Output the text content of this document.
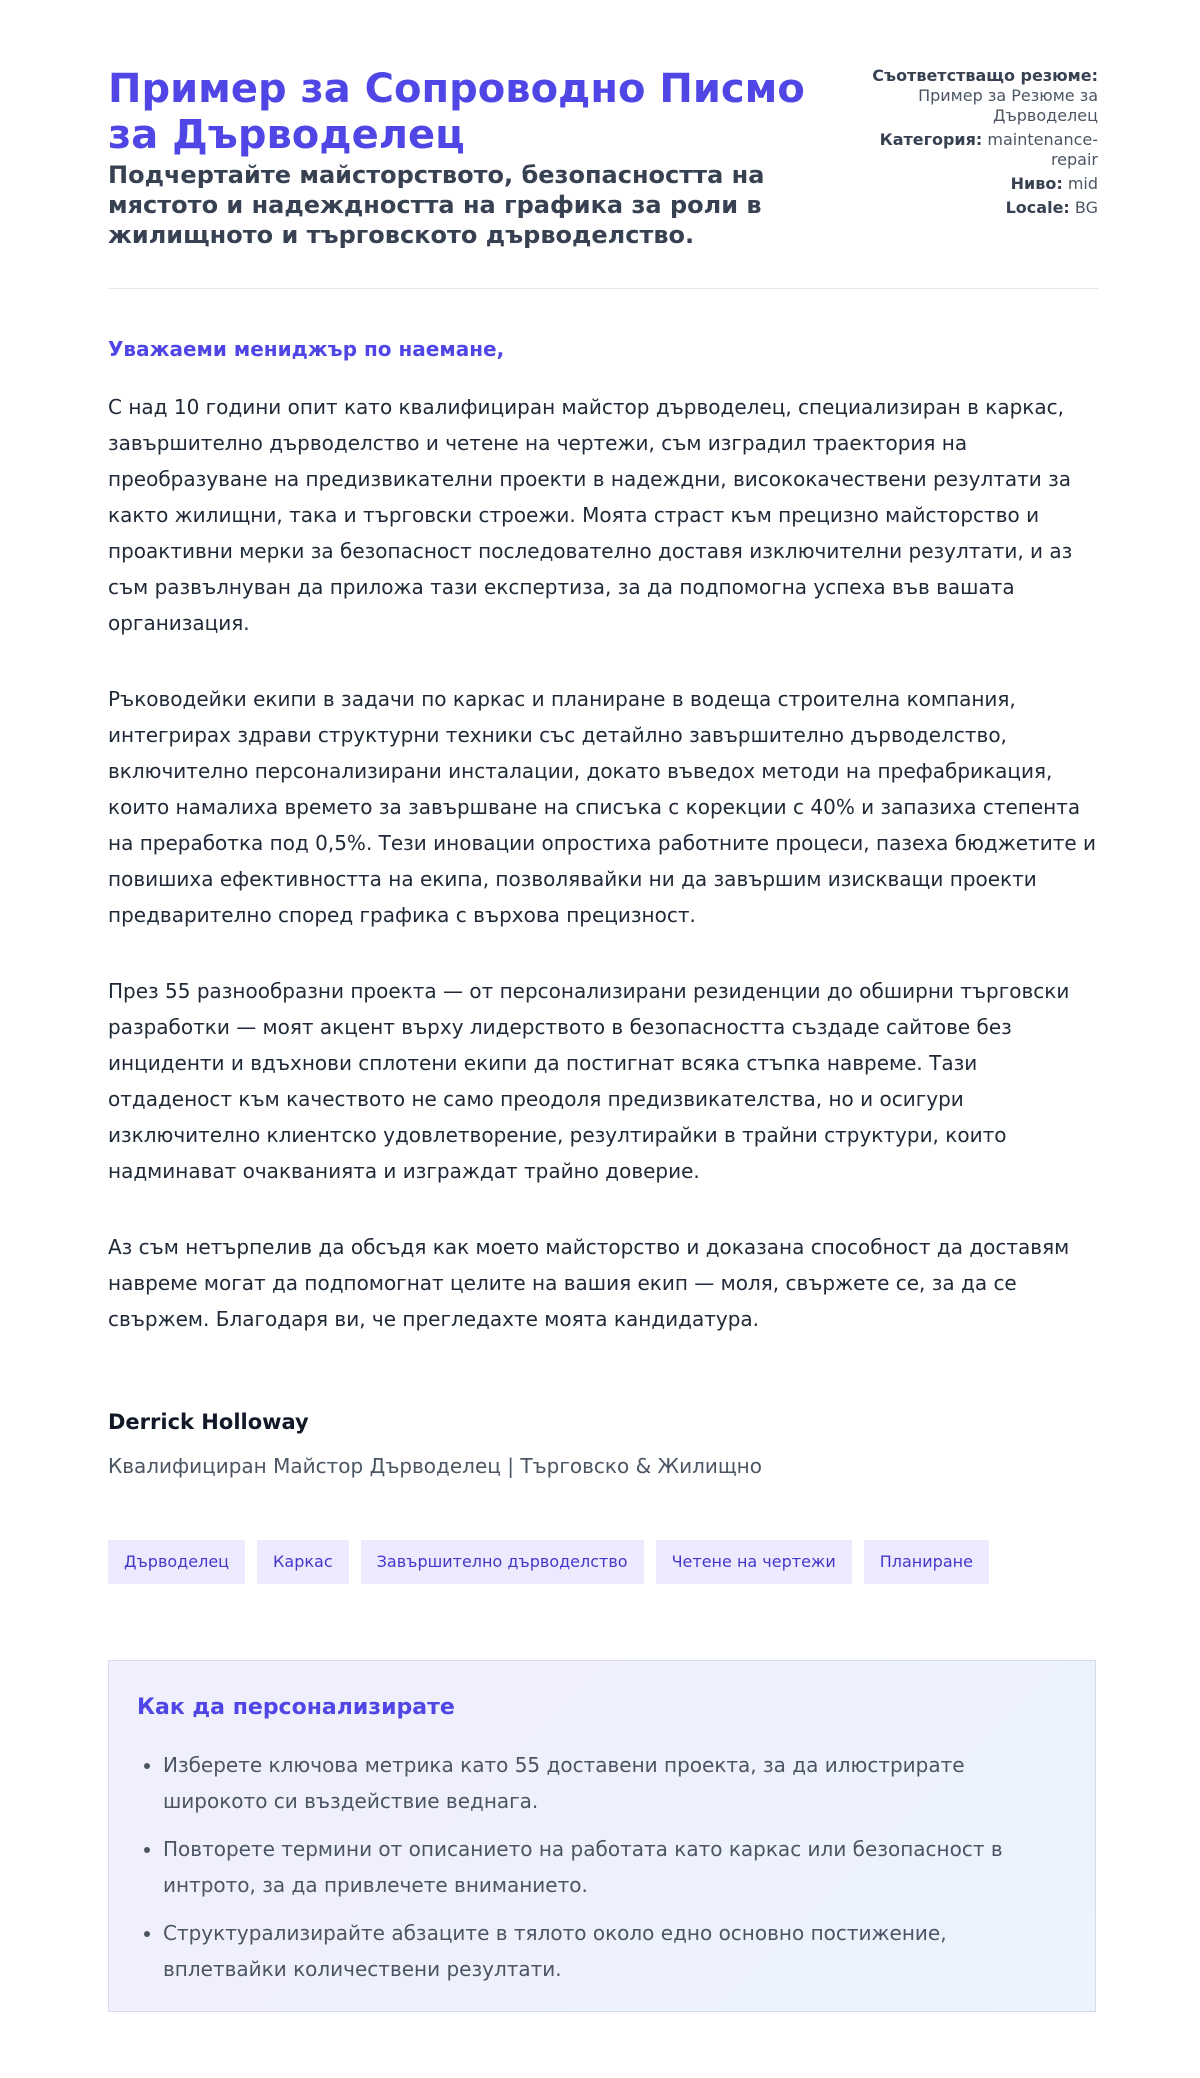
Пример за Сопроводно Писмо за Дърводелец
Подчертайте майсторството, безопасността на мястото и надеждността на графика за роли в жилищното и търговското дърводелство.
Съответстващо резюме: Пример за Резюме за Дърводелец
Категория: maintenance-repair
Ниво: mid
Locale: BG
Уважаеми мениджър по наемане,

С над 10 години опит като квалифициран майстор дърводелец, специализиран в каркас, завършително дърводелство и четене на чертежи, съм изградил траектория на преобразуване на предизвикателни проекти в надеждни, висококачествени резултати за както жилищни, така и търговски строежи. Моята страст към прецизно майсторство и проактивни мерки за безопасност последователно доставя изключителни резултати, и аз съм развълнуван да приложа тази експертиза, за да подпомогна успеха във вашата организация.

Ръководейки екипи в задачи по каркас и планиране в водеща строителна компания, интегрирах здрави структурни техники със детайлно завършително дърводелство, включително персонализирани инсталации, докато въведох методи на префабрикация, които намалиха времето за завършване на списъка с корекции с 40% и запазиха степента на преработка под 0,5%. Тези иновации опростиха работните процеси, пазеха бюджетите и повишиха ефективността на екипа, позволявайки ни да завършим изискващи проекти предварително според графика с върхова прецизност.

През 55 разнообразни проекта — от персонализирани резиденции до обширни търговски разработки — моят акцент върху лидерството в безопасността създаде сайтове без инциденти и вдъхнови сплотени екипи да постигнат всяка стъпка навреме. Тази отдаденост към качеството не само преодоля предизвикателства, но и осигури изключително клиентско удовлетворение, резултирайки в трайни структури, които надминават очакванията и изграждат трайно доверие.

Аз съм нетърпелив да обсъдя как моето майсторство и доказана способност да доставям навреме могат да подпомогнат целите на вашия екип — моля, свържете се, за да се свържем. Благодаря ви, че прегледахте моята кандидатура.

Derrick Holloway
Квалифициран Майстор Дърводелец | Търговско & Жилищно
Дърводелец	Каркас	Завършително дърводелство	Четене на чертежи	Планиране
Как да персонализирате
• Изберете ключова метрика като 55 доставени проекта, за да илюстрирате широкото си въздействие веднага.
• Повторете термини от описанието на работата като каркас или безопасност в интрото, за да привлечете вниманието.
• Структурализирайте абзаците в тялото около едно основно постижение, вплетвайки количествени резултати.
